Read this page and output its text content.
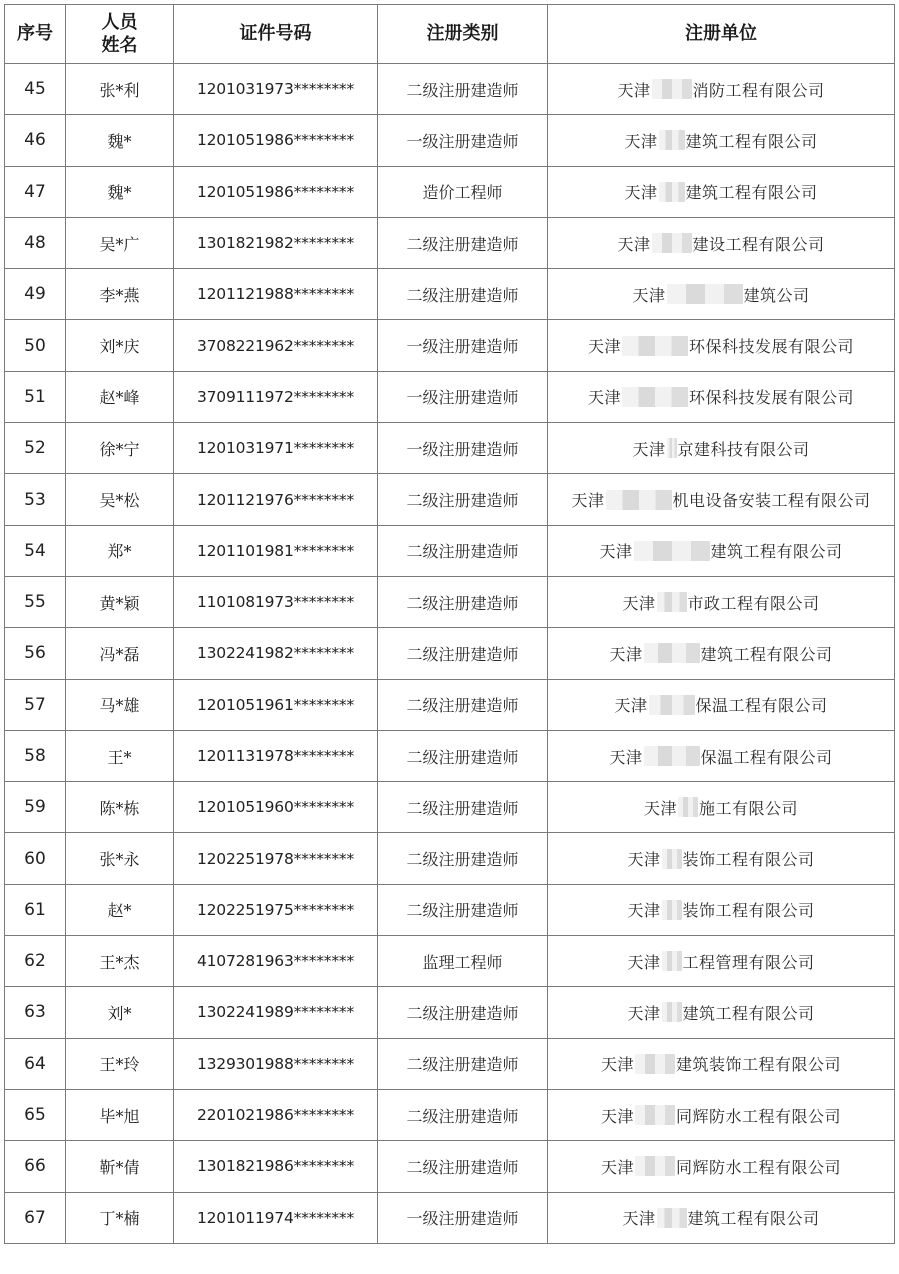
序号	人员姓名	证件号码	注册类别	注册单位
45	张*利	1201031973********	二级注册建造师	天津 消防工程有限公司

46	魏*	1201051986********	一级注册建造师	天津 建筑工程有限公司

47	魏*	1201051986********	造价工程师	天津 建筑工程有限公司

48	吴*广	1301821982********	二级注册建造师	天津 建设工程有限公司

49	李*燕	1201121988********	二级注册建造师	天津 建筑公司

50	刘*庆	3708221962********	一级注册建造师	天津 环保科技发展有限公司

51	赵*峰	3709111972********	一级注册建造师	天津 环保科技发展有限公司

52	徐*宁	1201031971********	一级注册建造师	天津 京建科技有限公司

53	吴*松	1201121976********	二级注册建造师	天津 机电设备安装工程有限公司

54	郑*	1201101981********	二级注册建造师	天津 建筑工程有限公司

55	黄*颖	1101081973********	二级注册建造师	天津 市政工程有限公司

56	冯*磊	1302241982********	二级注册建造师	天津 建筑工程有限公司

57	马*雄	1201051961********	二级注册建造师	天津 保温工程有限公司

58	王*	1201131978********	二级注册建造师	天津 保温工程有限公司

59	陈*栋	1201051960********	二级注册建造师	天津 施工有限公司

60	张*永	1202251978********	二级注册建造师	天津 装饰工程有限公司

61	赵*	1202251975********	二级注册建造师	天津 装饰工程有限公司

62	王*杰	4107281963********	监理工程师	天津 工程管理有限公司

63	刘*	1302241989********	二级注册建造师	天津 建筑工程有限公司

64	王*玲	1329301988********	二级注册建造师	天津 建筑装饰工程有限公司

65	毕*旭	2201021986********	二级注册建造师	天津 同辉防水工程有限公司

66	靳*倩	1301821986********	二级注册建造师	天津 同辉防水工程有限公司

67	丁*楠	1201011974********	一级注册建造师	天津 建筑工程有限公司
